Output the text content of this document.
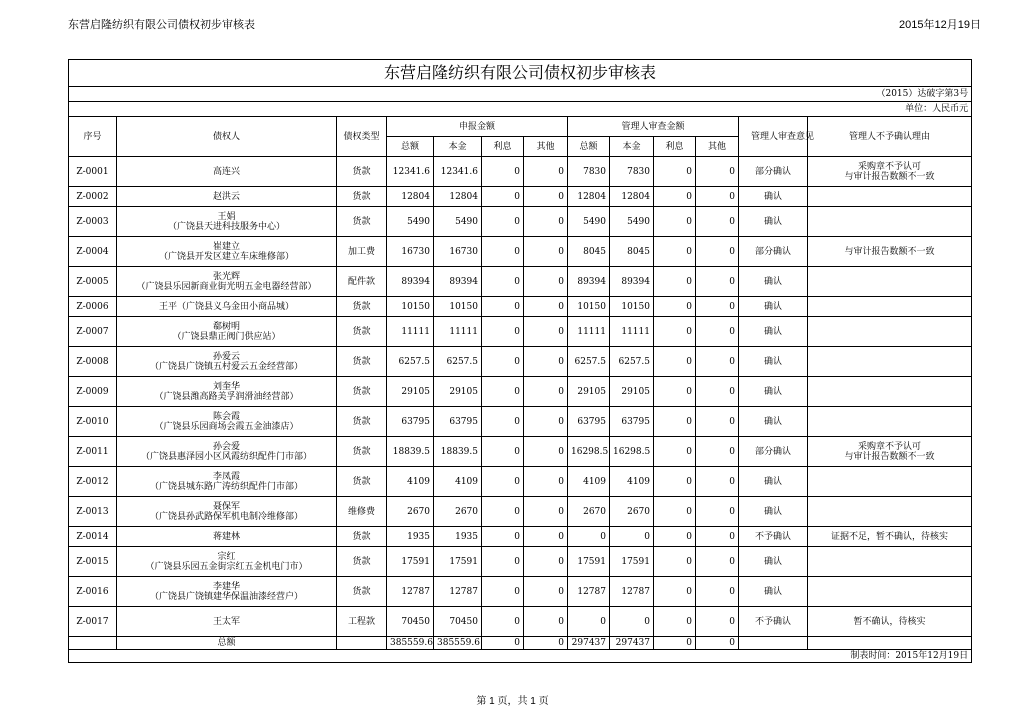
东营启隆纺织有限公司债权初步审核表	2015年12月19日
东营启隆纺织有限公司债权初步审核表												
（2015）达破字第3号												
单位：人民币元												
序号	债权人	债权类型	申报金额				管理人审查金额				管理人审查意见	管理人不予确认理由
			总额	本金	利息	其他	总额	本金	利息	其他		
Z-0001	高连兴	货款	12341.6	12341.6	0	0	7830	7830	0	0	部分确认	采购章不予认可
与审计报告数额不一致
Z-0002	赵洪云	货款	12804	12804	0	0	12804	12804	0	0	确认	
Z-0003	王娟
（广饶县天进科技服务中心）	货款	5490	5490	0	0	5490	5490	0	0	确认	
Z-0004	崔建立
（广饶县开发区建立车床维修部）	加工费	16730	16730	0	0	8045	8045	0	0	部分确认	与审计报告数额不一致
Z-0005	张光辉
（广饶县乐园新商业街光明五金电器经营部）	配件款	89394	89394	0	0	89394	89394	0	0	确认	
Z-0006	王平（广饶县义乌金田小商品城）	货款	10150	10150	0	0	10150	10150	0	0	确认	
Z-0007	郗树明
（广饶县鼎正阀门供应站）	货款	11111	11111	0	0	11111	11111	0	0	确认	
Z-0008	孙爱云
（广饶县广饶镇五村爱云五金经营部）	货款	6257.5	6257.5	0	0	6257.5	6257.5	0	0	确认	
Z-0009	刘奎华
（广饶县潍高路美孚润滑油经营部）	货款	29105	29105	0	0	29105	29105	0	0	确认	
Z-0010	陈会霞
（广饶县乐园商场会霞五金油漆店）	货款	63795	63795	0	0	63795	63795	0	0	确认	
Z-0011	孙会爱
（广饶县惠泽园小区风霞纺织配件门市部）	货款	18839.5	18839.5	0	0	16298.5	16298.5	0	0	部分确认	采购章不予认可
与审计报告数额不一致
Z-0012	李凤霞
（广饶县城东路广涛纺织配件门市部）	货款	4109	4109	0	0	4109	4109	0	0	确认	
Z-0013	聂保军
（广饶县孙武路保军机电制冷维修部）	维修费	2670	2670	0	0	2670	2670	0	0	确认	
Z-0014	蒋建林	货款	1935	1935	0	0	0	0	0	0	不予确认	证据不足，暂不确认，待核实
Z-0015	宗红
（广饶县乐园五金街宗红五金机电门市）	货款	17591	17591	0	0	17591	17591	0	0	确认	
Z-0016	李建华
（广饶县广饶镇建华保温油漆经营户）	货款	12787	12787	0	0	12787	12787	0	0	确认	
Z-0017	王太军	工程款	70450	70450	0	0	0	0	0	0	不予确认	暂不确认，待核实
	总额		385559.6	385559.6	0	0	297437	297437	0	0		
制表时间：2015年12月19日												
第 1 页，共 1 页
